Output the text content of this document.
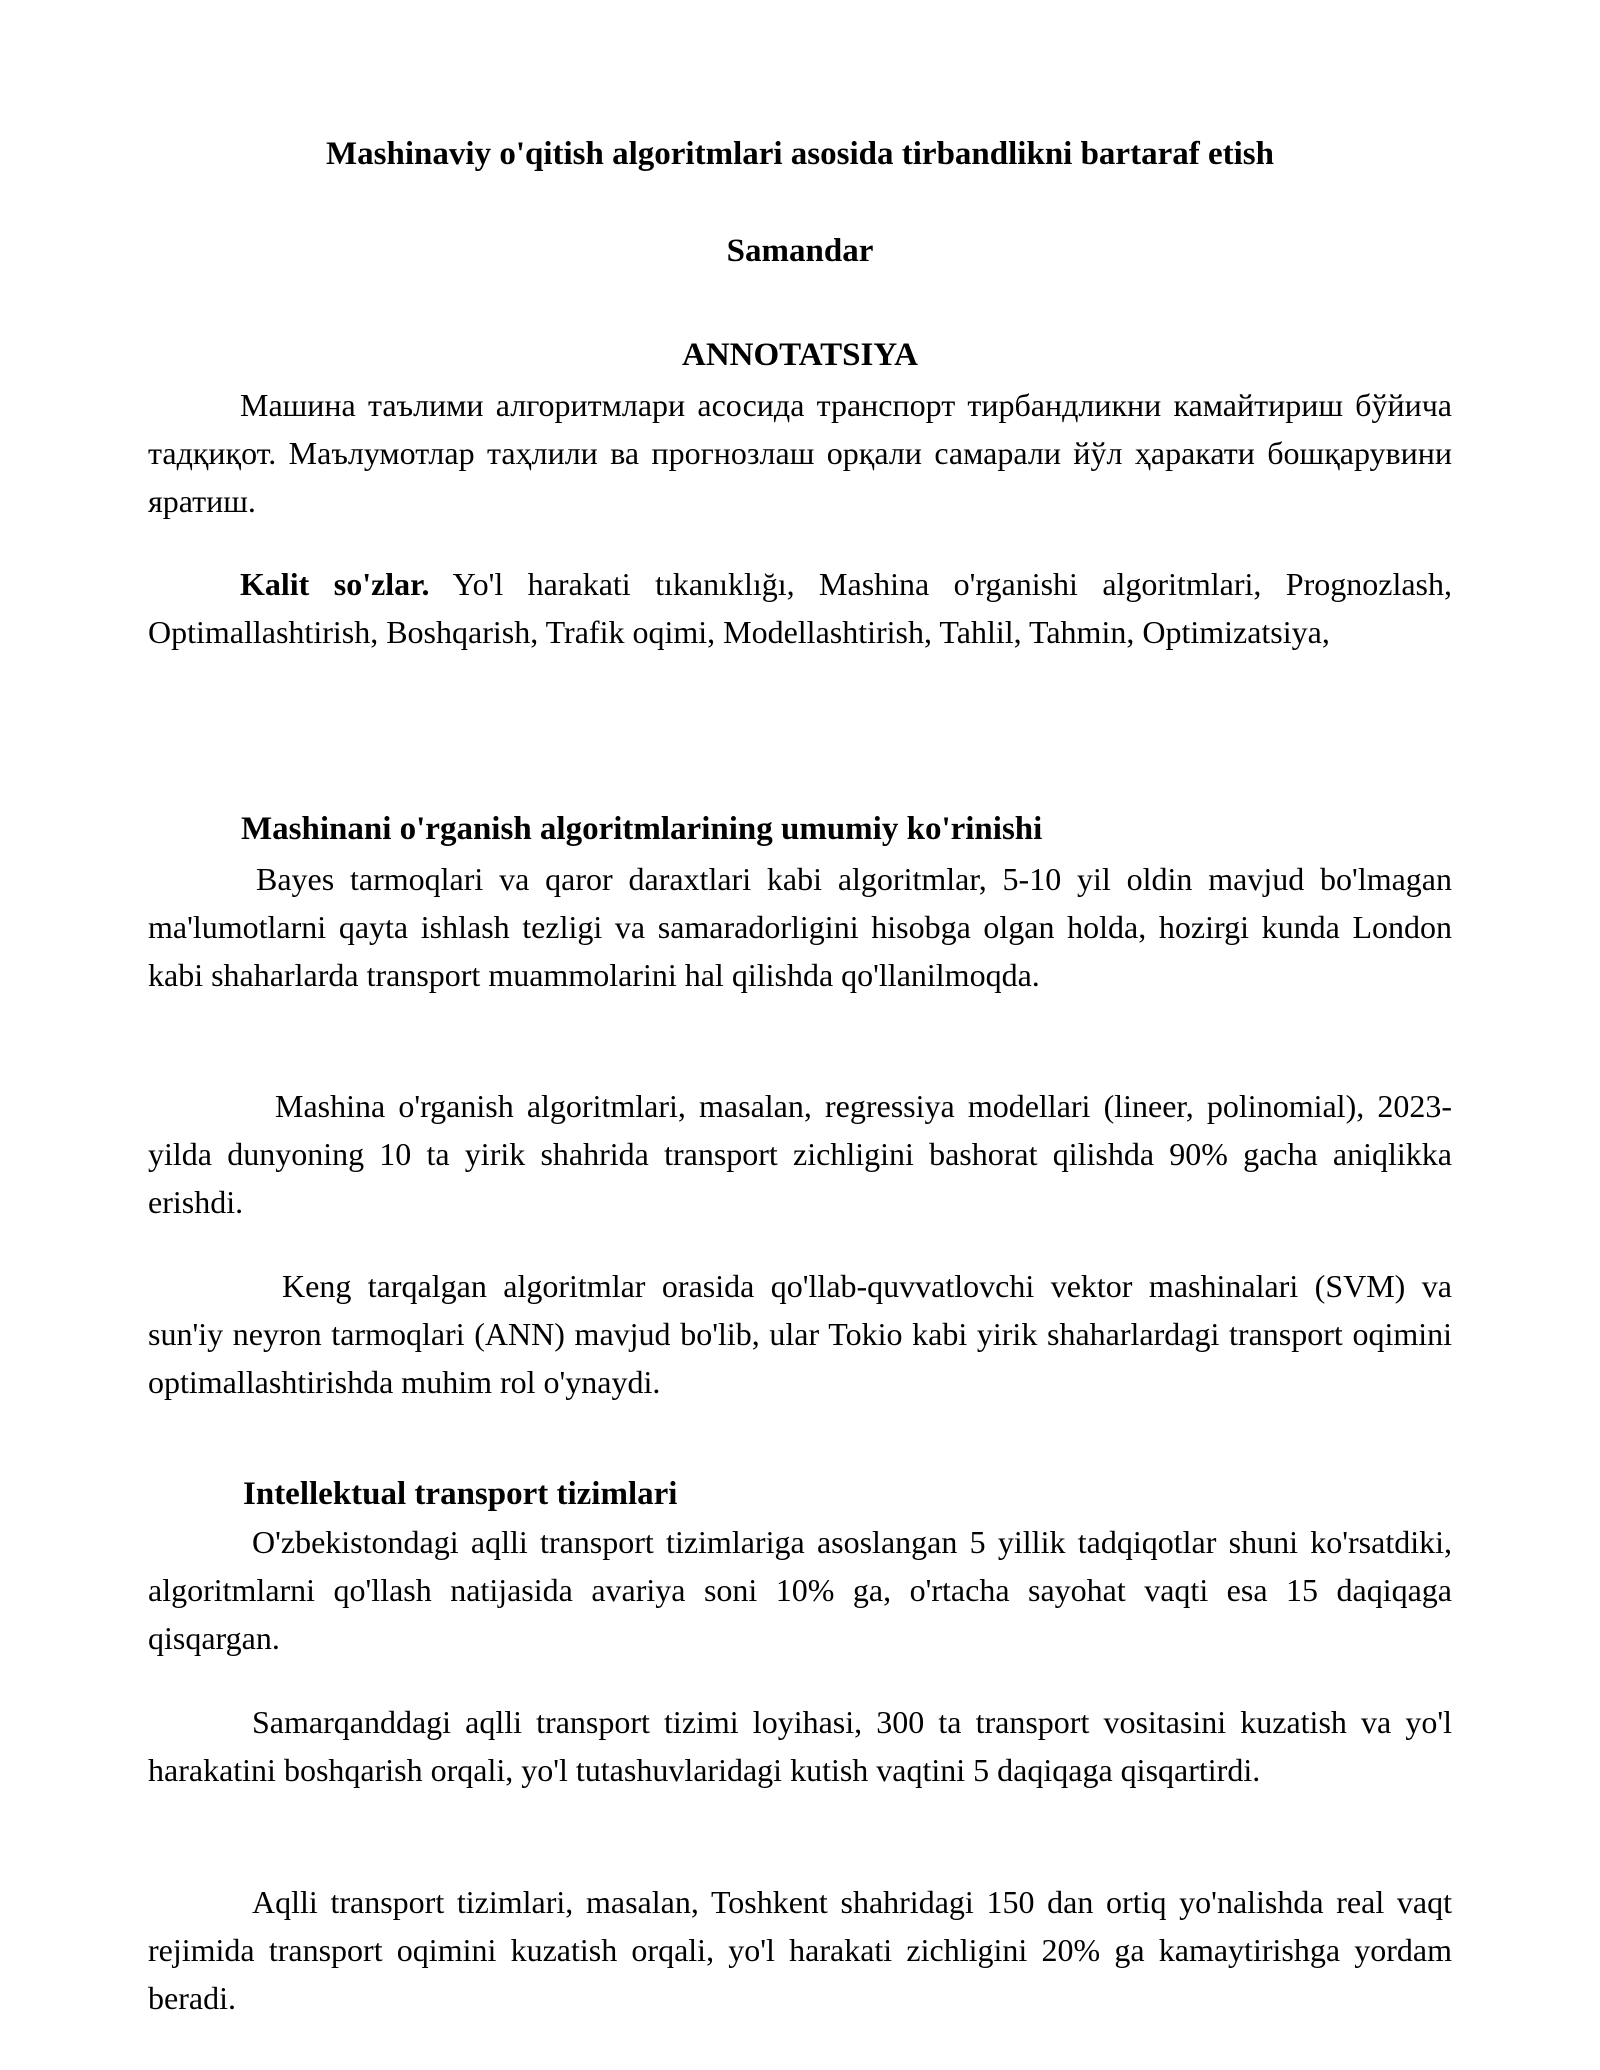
Mashinaviy o'qitish algoritmlari asosida tirbandlikni bartaraf etish
Samandar
ANNOTATSIYA

Машина таълими алгоритмлари асосида транспорт тирбандликни камайтириш бўйича тадқиқот. Маълумотлар таҳлили ва прогнозлаш орқали самарали йўл ҳаракати бошқарувини яратиш.

Kalit so'zlar. Yo'l harakati tıkanıklığı, Mashina o'rganishi algoritmlari, Prognozlash, Optimallashtirish, Boshqarish, Trafik oqimi, Modellashtirish, Tahlil, Tahmin, Optimizatsiya,

Mashinani o'rganish algoritmlarining umumiy ko'rinishi

Bayes tarmoqlari va qaror daraxtlari kabi algoritmlar, 5-10 yil oldin mavjud bo'lmagan ma'lumotlarni qayta ishlash tezligi va samaradorligini hisobga olgan holda, hozirgi kunda London kabi shaharlarda transport muammolarini hal qilishda qo'llanilmoqda.

Mashina o'rganish algoritmlari, masalan, regressiya modellari (lineer, polinomial), 2023-yilda dunyoning 10 ta yirik shahrida transport zichligini bashorat qilishda 90% gacha aniqlikka erishdi.

Keng tarqalgan algoritmlar orasida qo'llab-quvvatlovchi vektor mashinalari (SVM) va sun'iy neyron tarmoqlari (ANN) mavjud bo'lib, ular Tokio kabi yirik shaharlardagi transport oqimini optimallashtirishda muhim rol o'ynaydi.

Intellektual transport tizimlari

O'zbekistondagi aqlli transport tizimlariga asoslangan 5 yillik tadqiqotlar shuni ko'rsatdiki, algoritmlarni qo'llash natijasida avariya soni 10% ga, o'rtacha sayohat vaqti esa 15 daqiqaga qisqargan.

Samarqanddagi aqlli transport tizimi loyihasi, 300 ta transport vositasini kuzatish va yo'l harakatini boshqarish orqali, yo'l tutashuvlaridagi kutish vaqtini 5 daqiqaga qisqartirdi.

Aqlli transport tizimlari, masalan, Toshkent shahridagi 150 dan ortiq yo'nalishda real vaqt rejimida transport oqimini kuzatish orqali, yo'l harakati zichligini 20% ga kamaytirishga yordam beradi.
